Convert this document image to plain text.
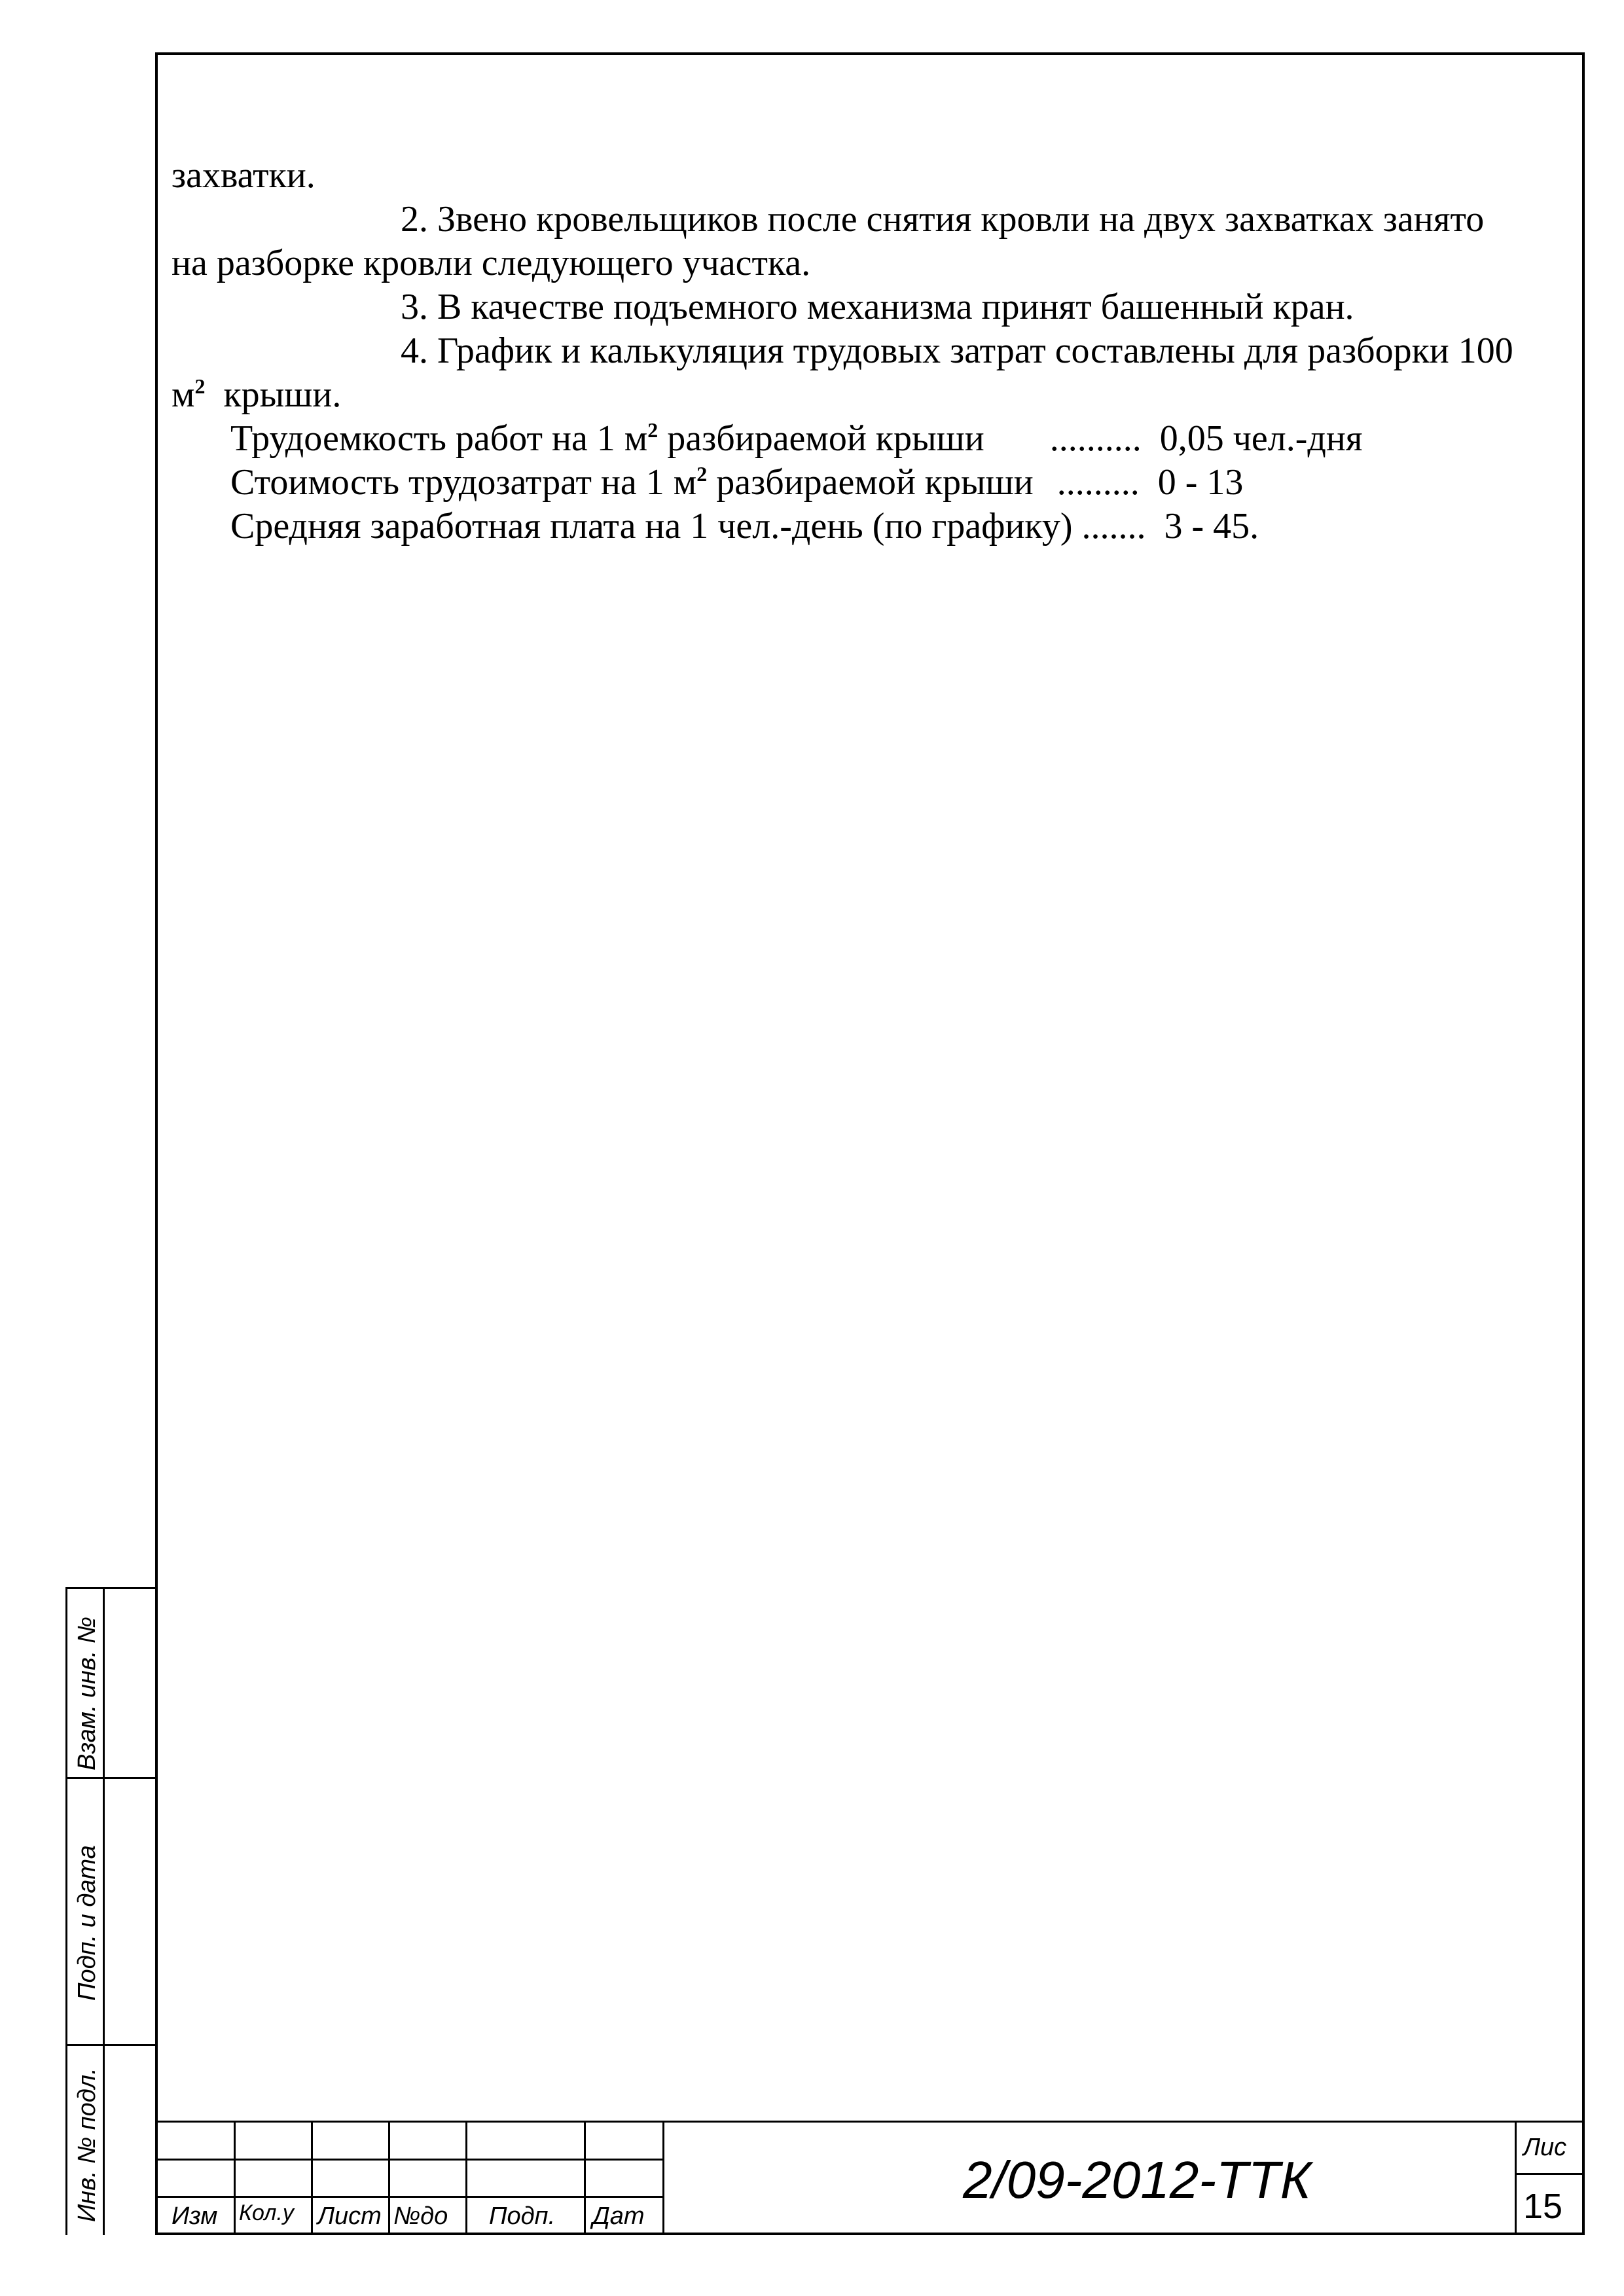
захватки.
2. Звено кровельщиков после снятия кровли на двух захватках занято
на разборке кровли следующего участка.
3. В качестве подъемного механизма принят башенный кран.
4. График и калькуляция трудовых затрат составлены для разборки 100
$м^2$ крыши.
Трудоемкость работ на 1 $м^2$ разбираемой крыши .......... 0,05 чел.-дня
Стоимость трудозатрат на 1 $м^2$ разбираемой крыши ......... 0 - 13
Средняя заработная плата на 1 чел.-день (по графику) ....... 3 - 45.
Взам. инв. №
Подп. и дата
Инв. № подл.	Изм Кол.у Лист №до Подп. Дат
2/09-2012-ТТК
Лис
15
